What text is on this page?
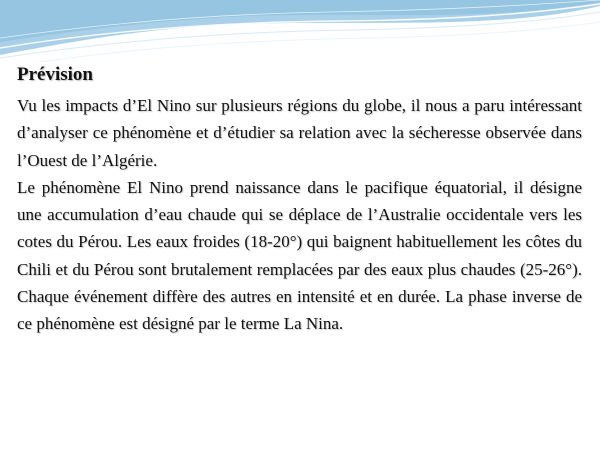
Prévision

Vu les impacts d’El Nino sur plusieurs régions du globe, il nous a paru intéressant d’analyser ce phénomène et d’étudier sa relation avec la sécheresse observée dans l’Ouest de l’Algérie.

Le phénomène El Nino prend naissance dans le pacifique équatorial, il désigne une accumulation d’eau chaude qui se déplace de l’Australie occidentale vers les cotes du Pérou. Les eaux froides (18-20°) qui baignent habituellement les côtes du Chili et du Pérou sont brutalement remplacées par des eaux plus chaudes (25-26°). Chaque événement diffère des autres en intensité et en durée. La phase inverse de ce phénomène est désigné par le terme La Nina.
